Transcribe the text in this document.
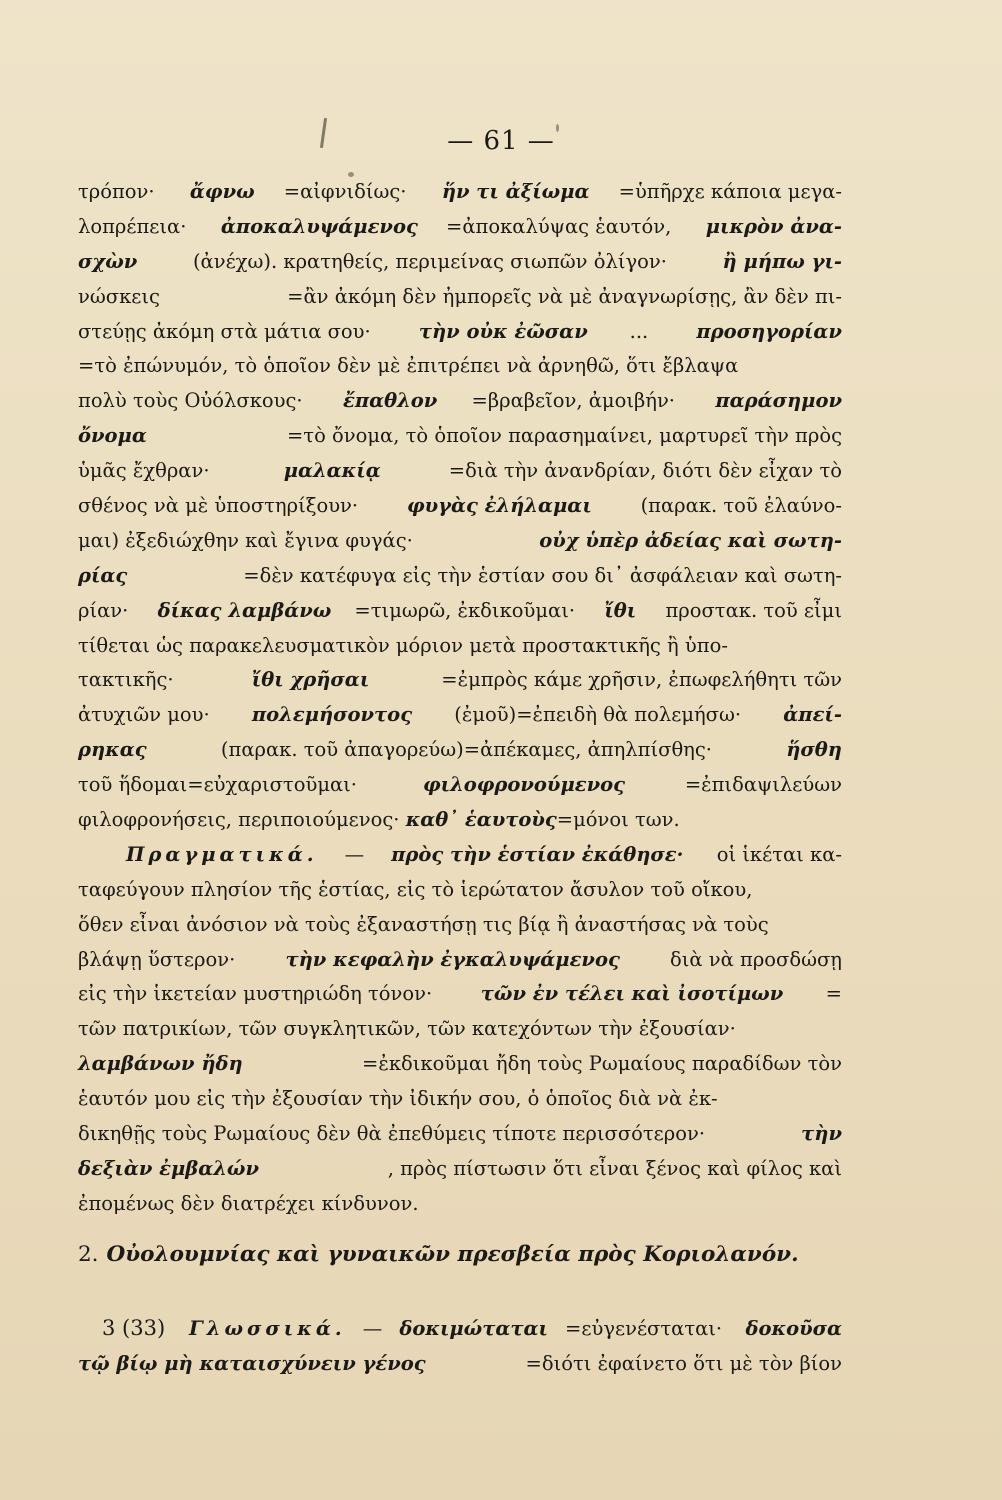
— 61 —
τρόπον· ἄφνω =αἰφνιδίως· ἥν τι ἀξίωμα =ὑπῆρχε κάποια μεγα-
λοπρέπεια· ἀποκαλυψάμενος =ἀποκαλύψας ἑαυτόν, μικρὸν ἀνα-
σχὼν	(ἀνέχω). κρατηθείς, περιμείνας σιωπῶν ὀλίγον·	ἢ μήπω γι-
νώσκεις	=ἂν ἀκόμη δὲν ἠμπορεῖς νὰ μὲ ἀναγνωρίσῃς, ἂν δὲν πι-
στεύῃς ἀκόμη στὰ μάτια σου· τὴν οὐκ ἐῶσαν ... προσηγορίαν
=τὸ ἐπώνυμόν, τὸ ὁποῖον δὲν μὲ ἐπιτρέπει νὰ ἀρνηθῶ, ὅτι ἔβλαψα
πολὺ τοὺς Οὐόλσκους· ἔπαθλον =βραβεῖον, ἀμοιβήν· παράσημον
ὄνομα	=τὸ ὄνομα, τὸ ὁποῖον παρασημαίνει, μαρτυρεῖ τὴν πρὸς
ὑμᾶς ἔχθραν·	μαλακίᾳ	=διὰ τὴν ἀνανδρίαν, διότι δὲν εἶχαν τὸ
σθένος νὰ μὲ ὑποστηρίξουν· φυγὰς ἐλήλαμαι (παρακ. τοῦ ἐλαύνο-
μαι) ἐξεδιώχθην καὶ ἔγινα φυγάς·	οὐχ ὑπὲρ ἀδείας καὶ σωτη-
ρίας	=δὲν κατέφυγα εἰς τὴν ἑστίαν σου δι᾿ ἀσφάλειαν καὶ σωτη-
ρίαν· δίκας λαμβάνω =τιμωρῶ, ἐκδικοῦμαι· ἴθι προστακ. τοῦ εἶμι
τίθεται ὡς παρακελευσματικὸν μόριον μετὰ προστακτικῆς ἢ ὑπο-
τακτικῆς·	ἴθι χρῆσαι	=ἐμπρὸς κάμε χρῆσιν, ἐπωφελήθητι τῶν
ἀτυχιῶν μου· πολεμήσοντος (ἐμοῦ)=ἐπειδὴ θὰ πολεμήσω· ἀπεί-
ρηκας	(παρακ. τοῦ ἀπαγορεύω)=ἀπέκαμες, ἀπηλπίσθης·	ἥσθη
τοῦ ἥδομαι=εὐχαριστοῦμαι·	φιλοφρονούμενος	=ἐπιδαψιλεύων
φιλοφρονήσεις, περιποιούμενος· καθ᾿ ἑαυτοὺς =μόνοι των.
Πραγματικά. — πρὸς τὴν ἑστίαν ἐκάθησε· οἱ ἱκέται κα-
ταφεύγουν πλησίον τῆς ἑστίας, εἰς τὸ ἱερώτατον ἄσυλον τοῦ οἴκου,
ὅθεν εἶναι ἀνόσιον νὰ τοὺς ἐξαναστήσῃ τις βίᾳ ἢ ἀναστήσας νὰ τοὺς
βλάψῃ ὕστερον· τὴν κεφαλὴν ἐγκαλυψάμενος διὰ νὰ προσδώσῃ
εἰς τὴν ἱκετείαν μυστηριώδη τόνον· τῶν ἐν τέλει καὶ ἰσοτίμων =
τῶν πατρικίων, τῶν συγκλητικῶν, τῶν κατεχόντων τὴν ἐξουσίαν·
λαμβάνων ἤδη	=ἐκδικοῦμαι ἤδη τοὺς Ρωμαίους παραδίδων τὸν
ἑαυτόν μου εἰς τὴν ἐξουσίαν τὴν ἰδικήν σου, ὁ ὁποῖος διὰ νὰ ἐκ-
δικηθῇς τοὺς Ρωμαίους δὲν θὰ ἐπεθύμεις τίποτε περισσότερον·	τὴν
δεξιὰν ἐμβαλών	, πρὸς πίστωσιν ὅτι εἶναι ξένος καὶ φίλος καὶ
ἐπομένως δὲν διατρέχει κίνδυνον.
2. Οὐολουμνίας καὶ γυναικῶν πρεσβεία πρὸς Κοριολανόν.
3 (33) Γλωσσικά. — δοκιμώταται =εὐγενέσταται· δοκοῦσα
τῷ βίῳ μὴ καταισχύνειν γένος	=διότι ἐφαίνετο ὅτι μὲ τὸν βίον
